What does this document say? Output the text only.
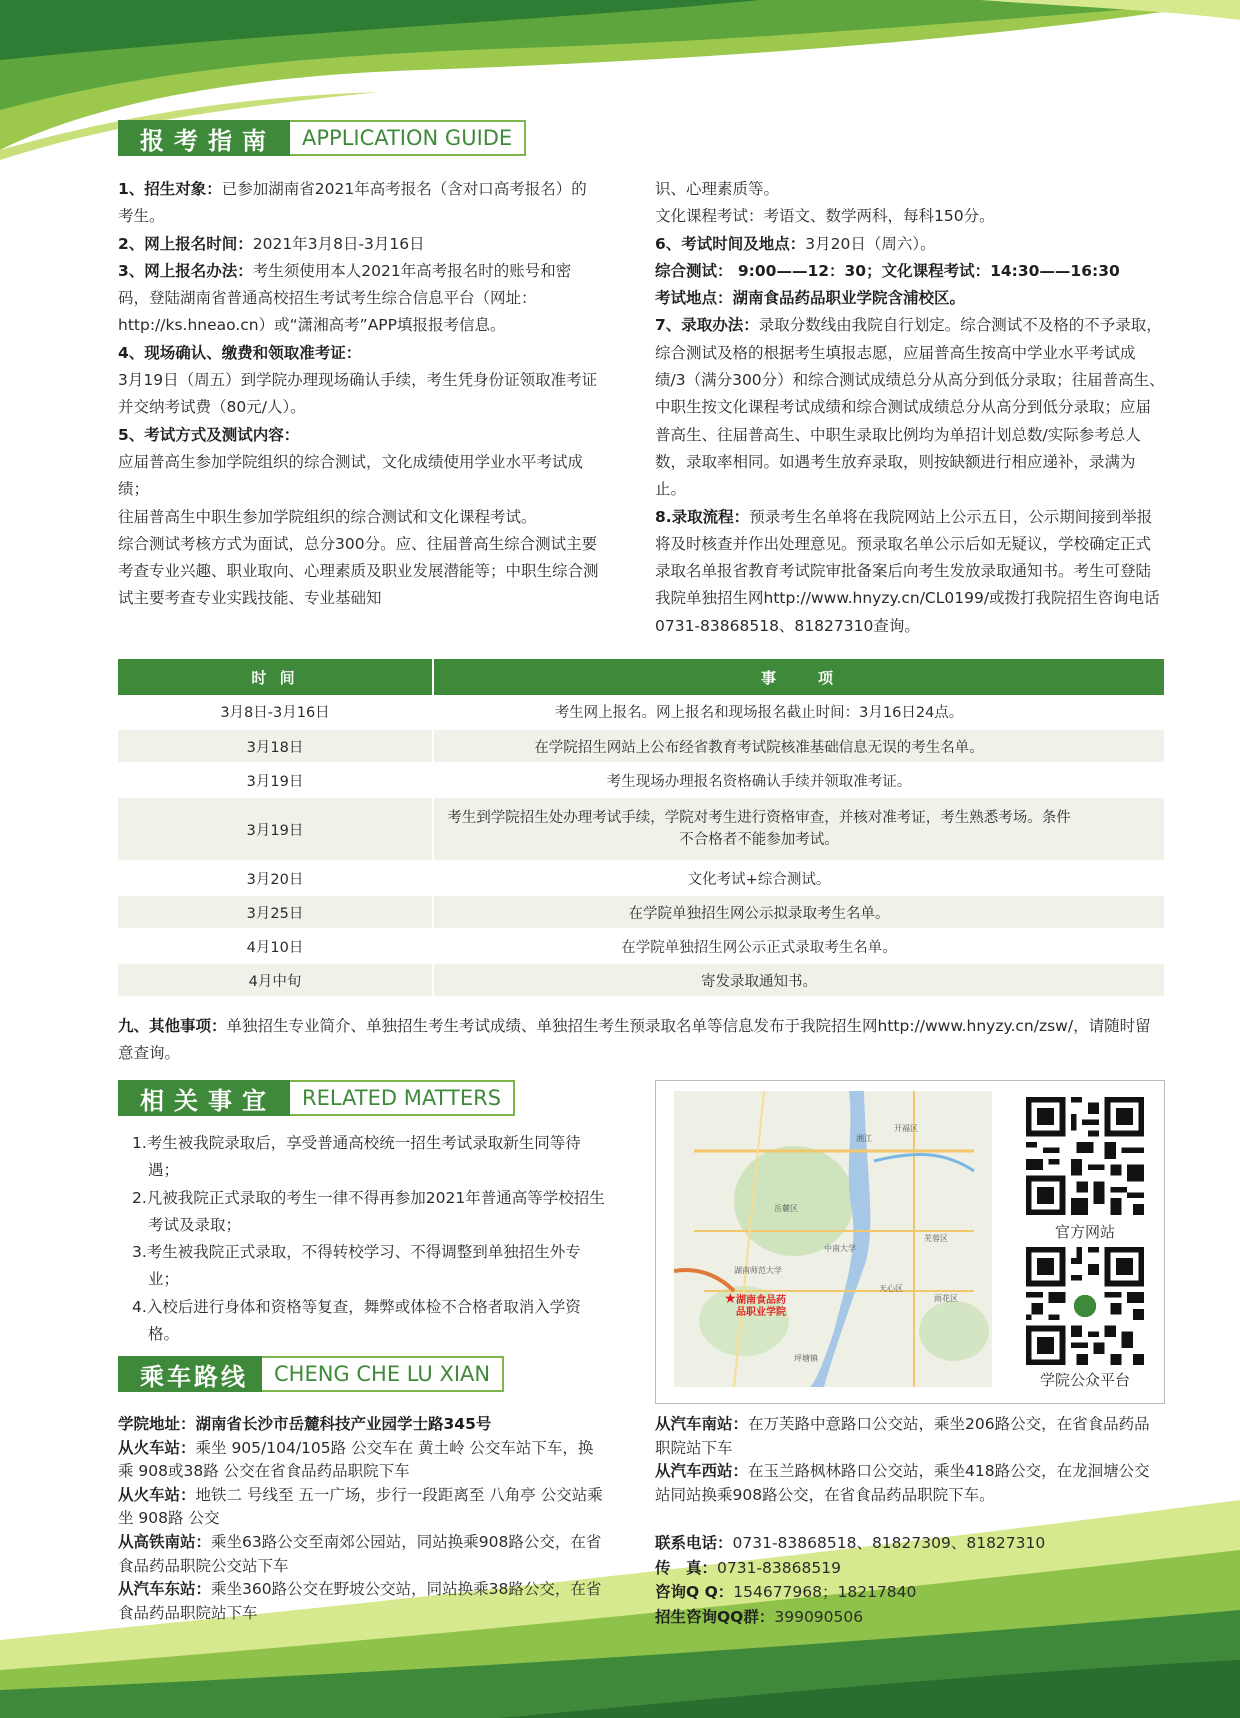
报考指南	APPLICATION GUIDE

1、招生对象：已参加湖南省2021年高考报名（含对口高考报名）的考生。

2、网上报名时间：2021年3月8日-3月16日

3、网上报名办法：考生须使用本人2021年高考报名时的账号和密码，登陆湖南省普通高校招生考试考生综合信息平台（网址：http://ks.hneao.cn）或“潇湘高考”APP填报报考信息。

4、现场确认、缴费和领取准考证：

3月19日（周五）到学院办理现场确认手续，考生凭身份证领取准考证并交纳考试费（80元/人）。

5、考试方式及测试内容：

应届普高生参加学院组织的综合测试，文化成绩使用学业水平考试成绩；

往届普高生中职生参加学院组织的综合测试和文化课程考试。

综合测试考核方式为面试，总分300分。应、往届普高生综合测试主要考查专业兴趣、职业取向、心理素质及职业发展潜能等；中职生综合测试主要考查专业实践技能、专业基础知

识、心理素质等。

文化课程考试：考语文、数学两科，每科150分。

6、考试时间及地点：3月20日（周六）。

综合测试： 9:00——12：30；文化课程考试：14:30——16:30

考试地点：湖南食品药品职业学院含浦校区。

7、录取办法：录取分数线由我院自行划定。综合测试不及格的不予录取，综合测试及格的根据考生填报志愿，应届普高生按高中学业水平考试成绩/3（满分300分）和综合测试成绩总分从高分到低分录取；往届普高生、中职生按文化课程考试成绩和综合测试成绩总分从高分到低分录取；应届普高生、往届普高生、中职生录取比例均为单招计划总数/实际参考总人数，录取率相同。如遇考生放弃录取，则按缺额进行相应递补，录满为止。

8.录取流程：预录考生名单将在我院网站上公示五日，公示期间接到举报将及时核查并作出处理意见。预录取名单公示后如无疑议，学校确定正式录取名单报省教育考试院审批备案后向考生发放录取通知书。考生可登陆我院单独招生网http://www.hnyzy.cn/CL0199/或拨打我院招生咨询电话0731-83868518、81827310查询。

时 间	事　　项
3月8日-3月16日	考生网上报名。网上报名和现场报名截止时间：3月16日24点。
3月18日	在学院招生网站上公布经省教育考试院核准基础信息无误的考生名单。
3月19日	考生现场办理报名资格确认手续并领取准考证。
3月19日	考生到学院招生处办理考试手续，学院对考生进行资格审查，并核对准考证，考生熟悉考场。条件不合格者不能参加考试。
3月20日	文化考试+综合测试。
3月25日	在学院单独招生网公示拟录取考生名单。
4月10日	在学院单独招生网公示正式录取考生名单。
4月中旬	寄发录取通知书。

九、其他事项：单独招生专业简介、单独招生考生考试成绩、单独招生考生预录取名单等信息发布于我院招生网http://www.hnyzy.cn/zsw/，请随时留意查询。

相关事宜	RELATED MATTERS

1.考生被我院录取后，享受普通高校统一招生考试录取新生同等待遇；

2.凡被我院正式录取的考生一律不得再参加2021年普通高等学校招生考试及录取；

3.考生被我院正式录取，不得转校学习、不得调整到单独招生外专业；

4.入校后进行身体和资格等复查，舞弊或体检不合格者取消入学资格。

乘车路线	CHENG CHE LU XIAN

学院地址：湖南省长沙市岳麓科技产业园学士路345号

从火车站：乘坐 905/104/105路 公交车在 黄土岭 公交车站下车，换乘 908或38路 公交在省食品药品职院下车

从火车站：地铁二 号线至 五一广场，步行一段距离至 八角亭 公交站乘坐 908路 公交

从高铁南站：乘坐63路公交至南郊公园站，同站换乘908路公交，在省食品药品职院公交站下车

从汽车东站：乘坐360路公交在野坡公交站，同站换乘38路公交，在省食品药品职院站下车

从汽车南站：在万芙路中意路口公交站，乘坐206路公交，在省食品药品职院站下车

从汽车西站：在玉兰路枫林路口公交站，乘坐418路公交，在龙洄塘公交站同站换乘908路公交，在省食品药品职院下车。

湘江
岳麓区
天心区
芙蓉区
开福区
雨花区
中南大学
湖南师范大学
坪塘镇
★ 湖南食品药
品职业学院
官方网站
学院公众平台

联系电话：0731-83868518、81827309、81827310

传　真：0731-83868519

咨询Q Q：154677968；18217840

招生咨询QQ群：399090506
